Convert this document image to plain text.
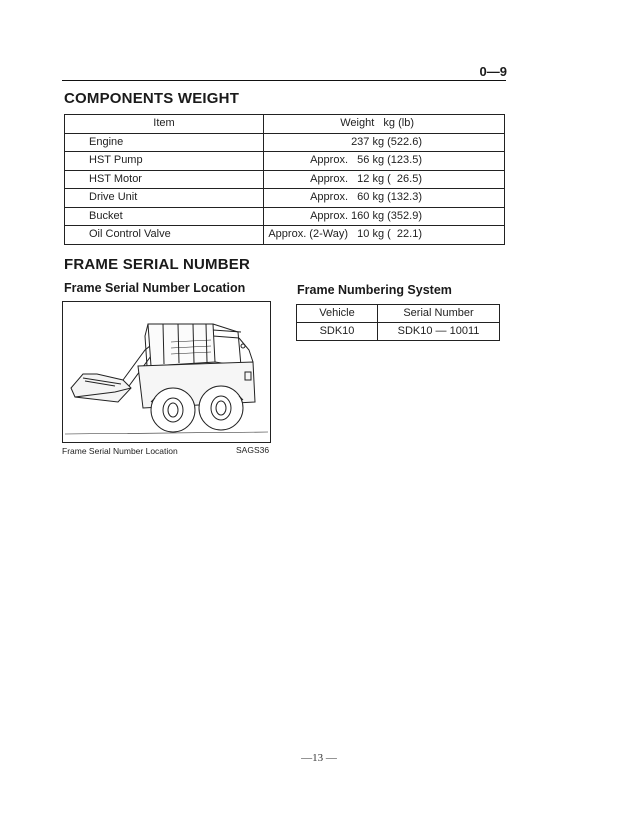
0—9
COMPONENTS WEIGHT
Item	Weight   kg (lb)
Engine	237 kg (522.6)
HST Pump	Approx.   56 kg (123.5)
HST Motor	Approx.   12 kg (  26.5)
Drive Unit	Approx.   60 kg (132.3)
Bucket	Approx. 160 kg (352.9)
Oil Control Valve	Approx. (2-Way)   10 kg (  22.1)
FRAME SERIAL NUMBER
Frame Serial Number Location	Frame Numbering System
Frame Serial Number Location	SAGS36
Vehicle	Serial Number
SDK10	SDK10 — 10011
—13 —
